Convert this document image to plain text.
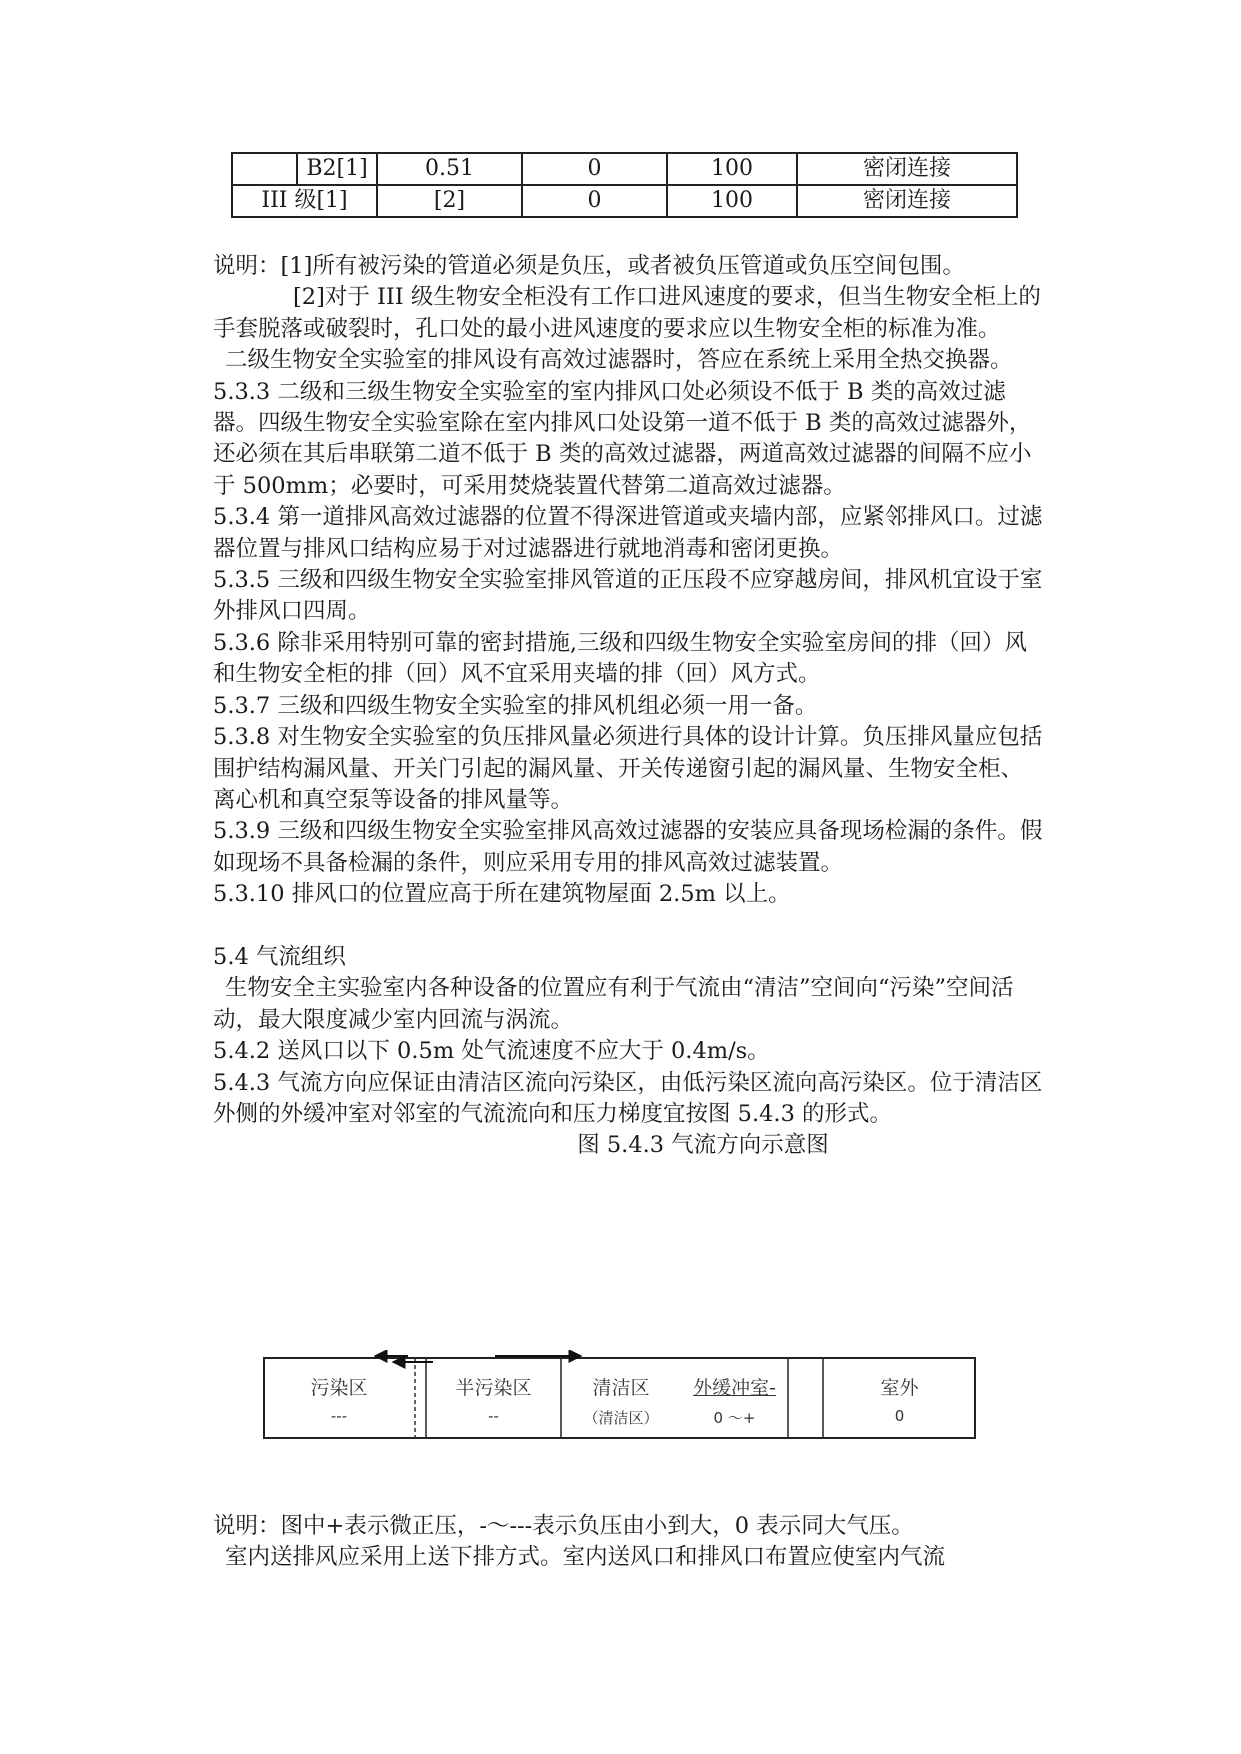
	B2[1]	0.51	0	100	密闭连接
III 级[1]		[2]	0	100	密闭连接

说明：[1]所有被污染的管道必须是负压，或者被负压管道或负压空间包围。

[2]对于 III 级生物安全柜没有工作口进风速度的要求，但当生物安全柜上的手套脱落或破裂时，孔口处的最小进风速度的要求应以生物安全柜的标准为准。

二级生物安全实验室的排风设有高效过滤器时，答应在系统上采用全热交换器。

5.3.3 二级和三级生物安全实验室的室内排风口处必须设不低于 B 类的高效过滤器。四级生物安全实验室除在室内排风口处设第一道不低于 B 类的高效过滤器外，还必须在其后串联第二道不低于 B 类的高效过滤器，两道高效过滤器的间隔不应小于 500mm；必要时，可采用焚烧装置代替第二道高效过滤器。

5.3.4 第一道排风高效过滤器的位置不得深进管道或夹墙内部，应紧邻排风口。过滤器位置与排风口结构应易于对过滤器进行就地消毒和密闭更换。

5.3.5 三级和四级生物安全实验室排风管道的正压段不应穿越房间，排风机宜设于室外排风口四周。

5.3.6 除非采用特别可靠的密封措施,三级和四级生物安全实验室房间的排（回）风和生物安全柜的排（回）风不宜采用夹墙的排（回）风方式。

5.3.7 三级和四级生物安全实验室的排风机组必须一用一备。

5.3.8 对生物安全实验室的负压排风量必须进行具体的设计计算。负压排风量应包括围护结构漏风量、开关门引起的漏风量、开关传递窗引起的漏风量、生物安全柜、离心机和真空泵等设备的排风量等。

5.3.9 三级和四级生物安全实验室排风高效过滤器的安装应具备现场检漏的条件。假如现场不具备检漏的条件，则应采用专用的排风高效过滤装置。

5.3.10 排风口的位置应高于所在建筑物屋面 2.5m 以上。

5.4 气流组织

生物安全主实验室内各种设备的位置应有利于气流由“清洁”空间向“污染”空间活动，最大限度减少室内回流与涡流。

5.4.2 送风口以下 0.5m 处气流速度不应大于 0.4m/s。

5.4.3 气流方向应保证由清洁区流向污染区，由低污染区流向高污染区。位于清洁区外侧的外缓冲室对邻室的气流流向和压力梯度宜按图 5.4.3 的形式。

图 5.4.3 气流方向示意图

污染区
---
半污染区
--
清洁区
（清洁区）
外缓冲室-
0 ～+
室外
0

说明：图中+表示微正压，-～---表示负压由小到大，0 表示同大气压。

室内送排风应采用上送下排方式。室内送风口和排风口布置应使室内气流
